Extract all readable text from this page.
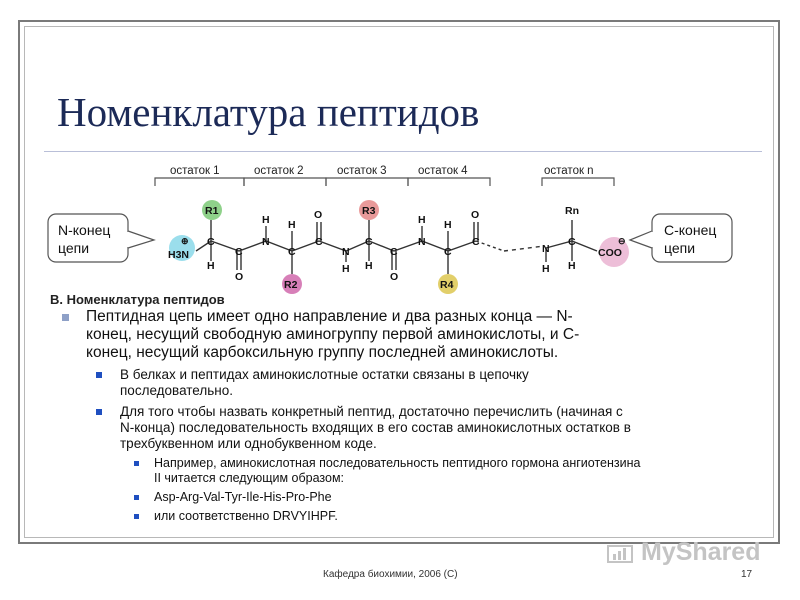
Номенклатура пептидов
остаток 1	остаток 2	остаток 3	остаток 4	остаток n
N-конец
цепи
С-конец
цепи
H3N
⊕
R1
C
H
C
O
N
H
C
H
R2
C
O
N
H
R3
C
H
C
O
N
H
C
H
R4
C
O
N
H
Rn
C
H
COO
⊖
В. Номенклатура пептидов
Пептидная цепь имеет одно направление и два разных конца — N-
конец, несущий свободную аминогруппу первой аминокислоты, и С-
конец, несущий карбоксильную группу последней аминокислоты.
В белках и пептидах аминокислотные остатки связаны в цепочку
последовательно.
Для того чтобы назвать конкретный пептид, достаточно перечислить (начиная с
N-конца) последовательность входящих в его состав аминокислотных остатков в
трехбуквенном или однобуквенном коде.
Например, аминокислотная последовательность пептидного гормона ангиотензина
II читается следующим образом:
Asp-Arg-Val-Tyr-Ile-His-Pro-Phe
или соответственно DRVYIHPF.
Кафедра биохимии, 2006 (С)	17
MyShared
